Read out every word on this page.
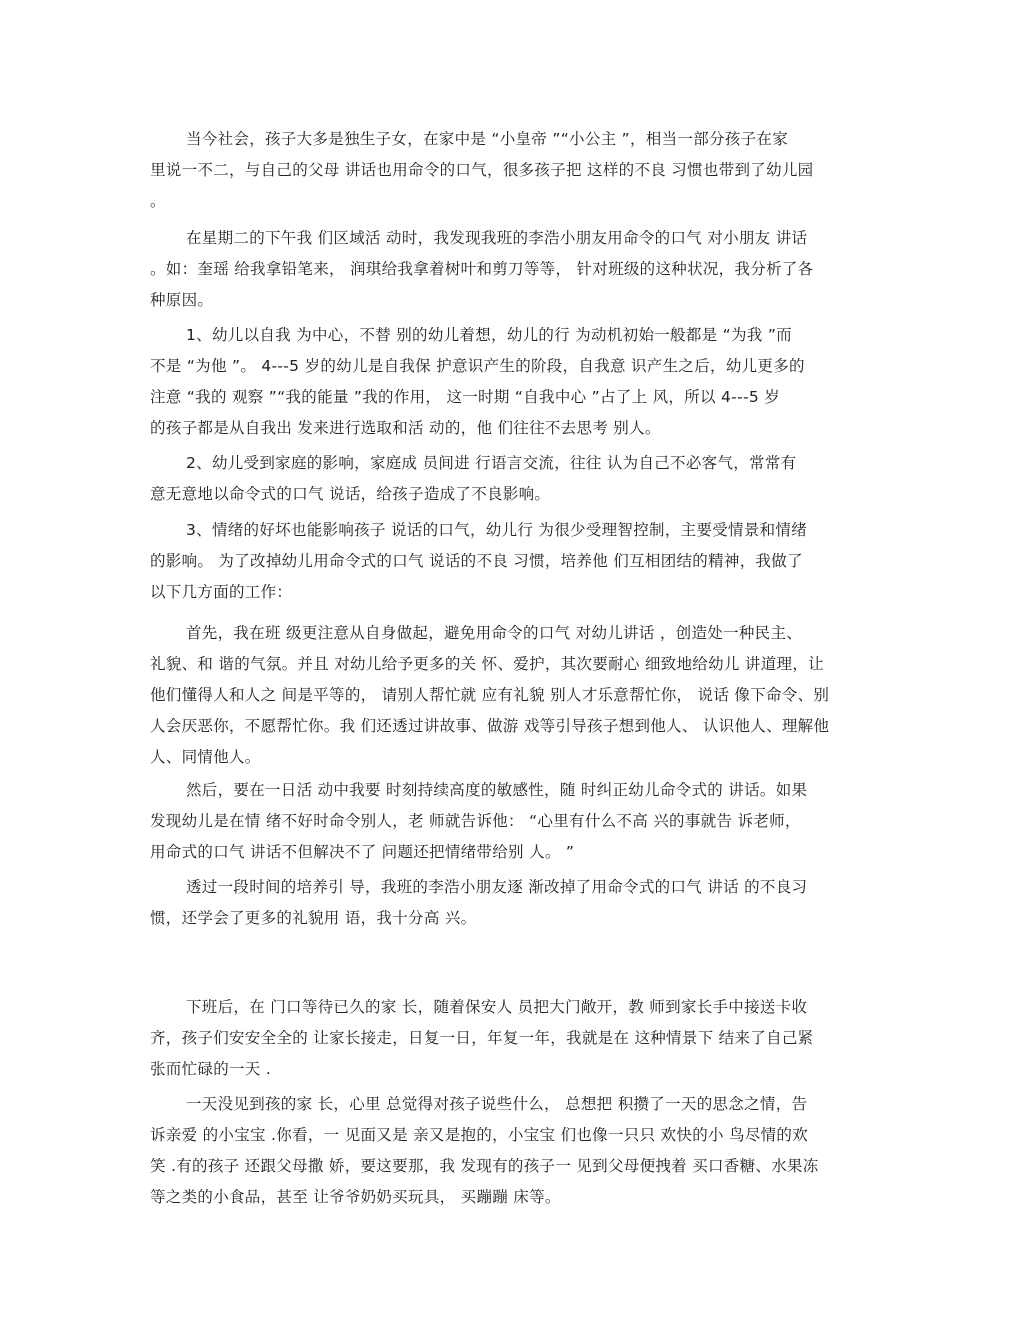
当今社会，孩子大多是独生子女，在家中是 “小皇帝 ”“小公主 ”，相当一部分孩子在家
里说一不二，与自己的父母 讲话也用命令的口气，很多孩子把 这样的不良 习惯也带到了幼儿园
。

在星期二的下午我 们区域活 动时，我发现我班的李浩小朋友用命令的口气 对小朋友 讲话
。如：奎瑶 给我拿铅笔来， 润琪给我拿着树叶和剪刀等等， 针对班级的这种状况，我分析了各
种原因。

1、幼儿以自我 为中心，不替 别的幼儿着想，幼儿的行 为动机初始一般都是 “为我 ”而
不是 “为他 ”。 4---5 岁的幼儿是自我保 护意识产生的阶段，自我意 识产生之后，幼儿更多的
注意 “我的 观察 ”“我的能量 ”我的作用， 这一时期 “自我中心 ”占了上 风，所以 4---5 岁
的孩子都是从自我出 发来进行选取和活 动的，他 们往往不去思考 别人。

2、幼儿受到家庭的影响，家庭成 员间进 行语言交流，往往 认为自己不必客气，常常有
意无意地以命令式的口气 说话，给孩子造成了不良影响。

3、情绪的好坏也能影响孩子 说话的口气，幼儿行 为很少受理智控制，主要受情景和情绪
的影响。 为了改掉幼儿用命令式的口气 说话的不良 习惯，培养他 们互相团结的精神，我做了
以下几方面的工作：

首先，我在班 级更注意从自身做起，避免用命令的口气 对幼儿讲话 ，创造处一种民主、
礼貌、和 谐的气氛。并且 对幼儿给予更多的关 怀、爱护，其次要耐心 细致地给幼儿 讲道理，让
他们懂得人和人之 间是平等的， 请别人帮忙就 应有礼貌 别人才乐意帮忙你， 说话 像下命令、别
人会厌恶你，不愿帮忙你。我 们还透过讲故事、做游 戏等引导孩子想到他人、 认识他人、理解他
人、同情他人。

然后，要在一日活 动中我要 时刻持续高度的敏感性，随 时纠正幼儿命令式的 讲话。如果
发现幼儿是在情 绪不好时命令别人，老 师就告诉他： “心里有什么不高 兴的事就告 诉老师，
用命式的口气 讲话不但解决不了 问题还把情绪带给别 人。 ”

透过一段时间的培养引 导，我班的李浩小朋友逐 渐改掉了用命令式的口气 讲话 的不良习
惯，还学会了更多的礼貌用 语，我十分高 兴。

下班后，在 门口等待已久的家 长，随着保安人 员把大门敞开，教 师到家长手中接送卡收
齐，孩子们安安全全的 让家长接走，日复一日，年复一年，我就是在 这种情景下 结来了自己紧
张而忙碌的一天 .

一天没见到孩的家 长，心里 总觉得对孩子说些什么， 总想把 积攒了一天的思念之情，告
诉亲爱 的小宝宝 .你看，一 见面又是 亲又是抱的，小宝宝 们也像一只只 欢快的小 鸟尽情的欢
笑 .有的孩子 还跟父母撒 娇，要这要那，我 发现有的孩子一 见到父母便拽着 买口香糖、水果冻
等之类的小食品，甚至 让爷爷奶奶买玩具， 买蹦蹦 床等。
